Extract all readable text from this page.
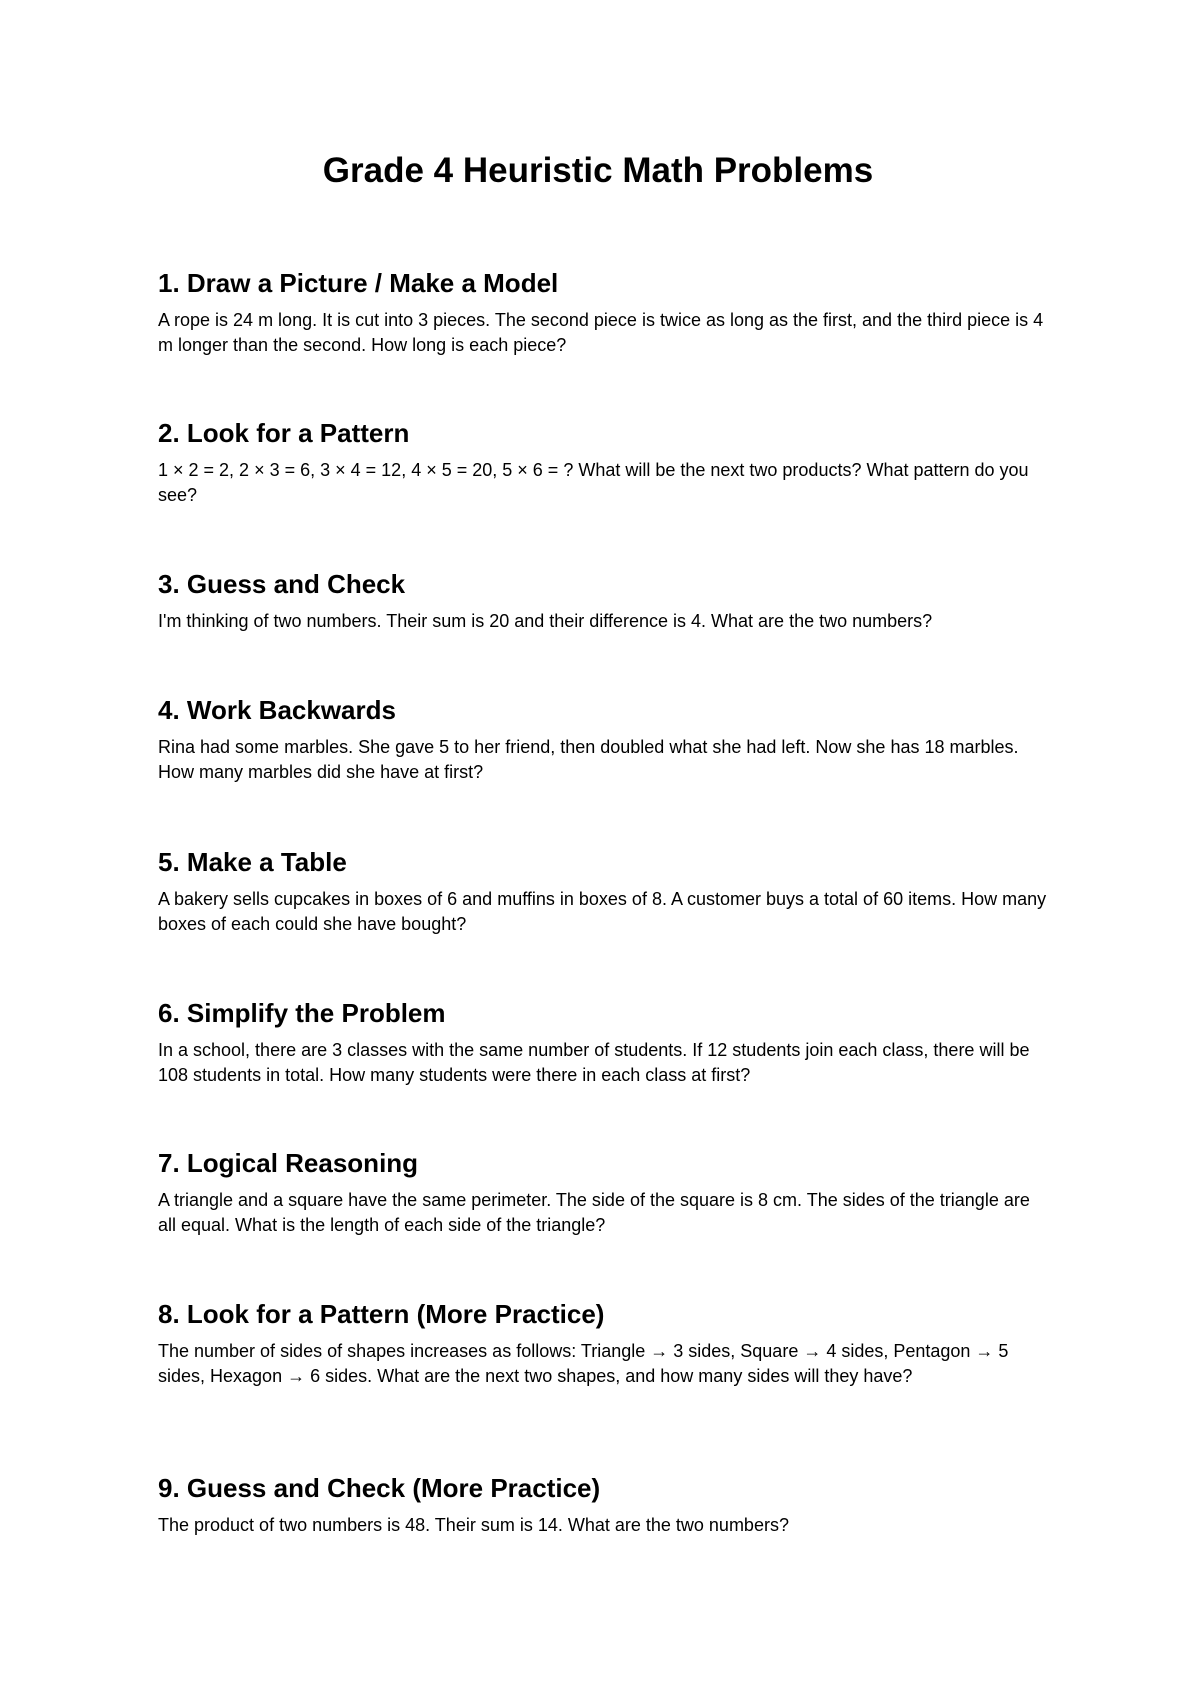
Grade 4 Heuristic Math Problems
1. Draw a Picture / Make a Model

A rope is 24 m long. It is cut into 3 pieces. The second piece is twice as long as the first, and the third piece is 4 m longer than the second. How long is each piece?

2. Look for a Pattern

1 × 2 = 2, 2 × 3 = 6, 3 × 4 = 12, 4 × 5 = 20, 5 × 6 = ? What will be the next two products? What pattern do you see?

3. Guess and Check

I'm thinking of two numbers. Their sum is 20 and their difference is 4. What are the two numbers?

4. Work Backwards

Rina had some marbles. She gave 5 to her friend, then doubled what she had left. Now she has 18 marbles. How many marbles did she have at first?

5. Make a Table

A bakery sells cupcakes in boxes of 6 and muffins in boxes of 8. A customer buys a total of 60 items. How many boxes of each could she have bought?

6. Simplify the Problem

In a school, there are 3 classes with the same number of students. If 12 students join each class, there will be 108 students in total. How many students were there in each class at first?

7. Logical Reasoning

A triangle and a square have the same perimeter. The side of the square is 8 cm. The sides of the triangle are all equal. What is the length of each side of the triangle?

8. Look for a Pattern (More Practice)

The number of sides of shapes increases as follows: Triangle → 3 sides, Square → 4 sides, Pentagon → 5 sides, Hexagon → 6 sides. What are the next two shapes, and how many sides will they have?

9. Guess and Check (More Practice)

The product of two numbers is 48. Their sum is 14. What are the two numbers?
